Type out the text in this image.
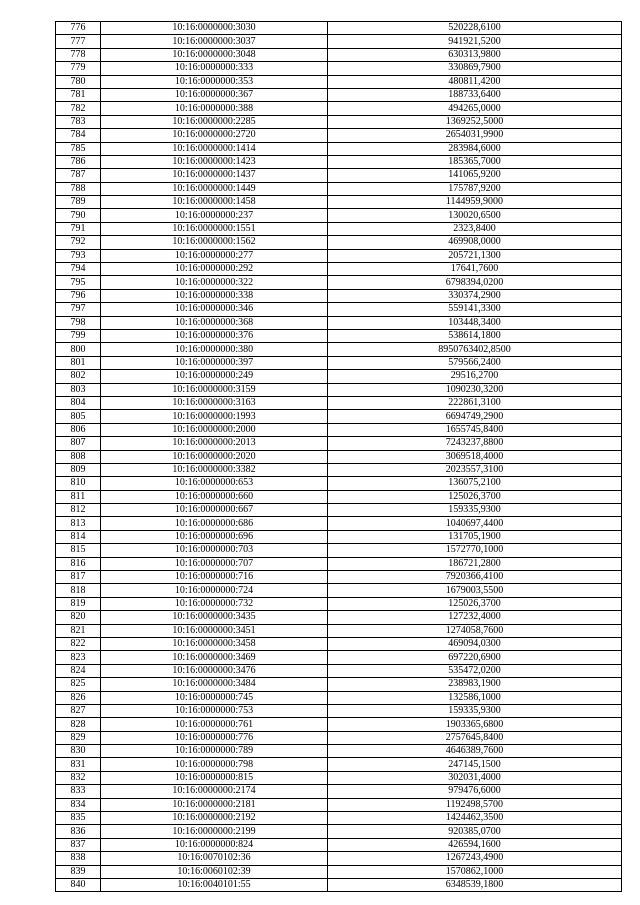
776	10:16:0000000:3030	520228,6100
777	10:16:0000000:3037	941921,5200
778	10:16:0000000:3048	630313,9800
779	10:16:0000000:333	330869,7900
780	10:16:0000000:353	480811,4200
781	10:16:0000000:367	188733,6400
782	10:16:0000000:388	494265,0000
783	10:16:0000000:2285	1369252,5000
784	10:16:0000000:2720	2654031,9900
785	10:16:0000000:1414	283984,6000
786	10:16:0000000:1423	185365,7000
787	10:16:0000000:1437	141065,9200
788	10:16:0000000:1449	175787,9200
789	10:16:0000000:1458	1144959,9000
790	10:16:0000000:237	130020,6500
791	10:16:0000000:1551	2323,8400
792	10:16:0000000:1562	469908,0000
793	10:16:0000000:277	205721,1300
794	10:16:0000000:292	17641,7600
795	10:16:0000000:322	6798394,0200
796	10:16:0000000:338	330374,2900
797	10:16:0000000:346	559141,3300
798	10:16:0000000:368	103448,3400
799	10:16:0000000:376	538614,1800
800	10:16:0000000:380	8950763402,8500
801	10:16:0000000:397	579566,2400
802	10:16:0000000:249	29516,2700
803	10:16:0000000:3159	1090230,3200
804	10:16:0000000:3163	222861,3100
805	10:16:0000000:1993	6694749,2900
806	10:16:0000000:2000	1655745,8400
807	10:16:0000000:2013	7243237,8800
808	10:16:0000000:2020	3069518,4000
809	10:16:0000000:3382	2023557,3100
810	10:16:0000000:653	136075,2100
811	10:16:0000000:660	125026,3700
812	10:16:0000000:667	159335,9300
813	10:16:0000000:686	1040697,4400
814	10:16:0000000:696	131705,1900
815	10:16:0000000:703	1572770,1000
816	10:16:0000000:707	186721,2800
817	10:16:0000000:716	7920366,4100
818	10:16:0000000:724	1679003,5500
819	10:16:0000000:732	125026,3700
820	10:16:0000000:3435	127232,4000
821	10:16:0000000:3451	1274058,7600
822	10:16:0000000:3458	469094,0300
823	10:16:0000000:3469	697220,6900
824	10:16:0000000:3476	535472,0200
825	10:16:0000000:3484	238983,1900
826	10:16:0000000:745	132586,1000
827	10:16:0000000:753	159335,9300
828	10:16:0000000:761	1903365,6800
829	10:16:0000000:776	2757645,8400
830	10:16:0000000:789	4646389,7600
831	10:16:0000000:798	247145,1500
832	10:16:0000000:815	302031,4000
833	10:16:0000000:2174	979476,6000
834	10:16:0000000:2181	1192498,5700
835	10:16:0000000:2192	1424462,3500
836	10:16:0000000:2199	920385,0700
837	10:16:0000000:824	426594,1600
838	10:16:0070102:36	1267243,4900
839	10:16:0060102:39	1570862,1000
840	10:16:0040101:55	6348539,1800
